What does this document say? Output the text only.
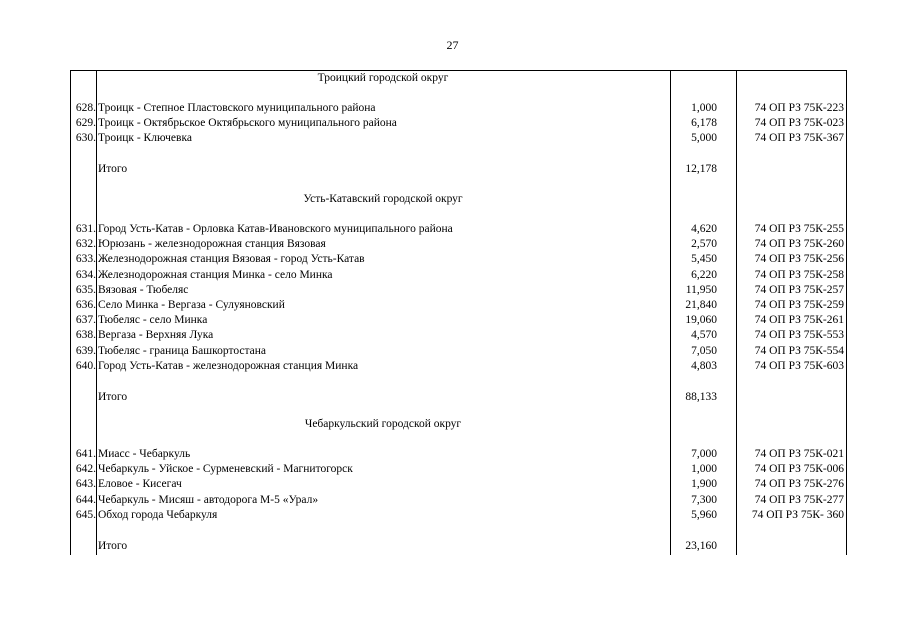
27
Троицкий городской округ
628. Троицк - Степное Пластовского муниципального района	1,000	74 ОП РЗ 75К-223
629. Троицк - Октябрьское Октябрьского муниципального района	6,178	74 ОП РЗ 75К-023
630. Троицк - Ключевка	5,000	74 ОП РЗ 75К-367
Итого	12,178
Усть-Катавский городской округ
631. Город Усть-Катав - Орловка Катав-Ивановского муниципального района	4,620	74 ОП РЗ 75К-255
632. Юрюзань - железнодорожная станция Вязовая	2,570	74 ОП РЗ 75К-260
633. Железнодорожная станция Вязовая - город Усть-Катав	5,450	74 ОП РЗ 75К-256
634. Железнодорожная станция Минка - село Минка	6,220	74 ОП РЗ 75К-258
635. Вязовая - Тюбеляс	11,950	74 ОП РЗ 75К-257
636. Село Минка - Вергаза - Сулуяновский	21,840	74 ОП РЗ 75К-259
637. Тюбеляс - село Минка	19,060	74 ОП РЗ 75К-261
638. Вергаза - Верхняя Лука	4,570	74 ОП РЗ 75К-553
639. Тюбеляс - граница Башкортостана	7,050	74 ОП РЗ 75К-554
640. Город Усть-Катав - железнодорожная станция Минка	4,803	74 ОП РЗ 75К-603
Итого	88,133
Чебаркульский городской округ
641. Миасс - Чебаркуль	7,000	74 ОП РЗ 75К-021
642. Чебаркуль - Уйское - Сурменевский - Магнитогорск	1,000	74 ОП РЗ 75К-006
643. Еловое - Кисегач	1,900	74 ОП РЗ 75К-276
644. Чебаркуль - Мисяш - автодорога М-5 «Урал»	7,300	74 ОП РЗ 75К-277
645. Обход города Чебаркуля	5,960	74 ОП РЗ 75К- 360
Итого	23,160
